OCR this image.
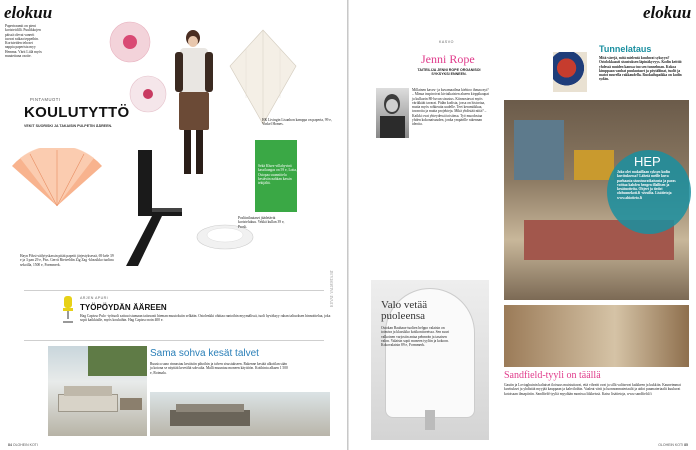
elokuu
Paperiraamit on pieni koristeidilli. Puulikkojen päissä olevat vanerit tuovat raikaa teppeihin. Koristeiden tehoset nappia paperista myy Hemma. Värit Liilä myös muutettuna osoite.
HK Livingin Lisanhon kamppa on paperia, 99 e, Vinkel Homes.
PINTAMUOTI
KOULUTYTTÖ
VEKIT SUORISKI JA TAKAISIN PULPETIN ÄÄREEN.
Sekä Klues-villahyvinä kassikangas on 59 e, Lotta, Ostopaa suunnittelu kestävän nahkan kassin tekijältä.
Posliinilautaset jäädetävät koristelukuu. Vekkä kullan 39 e, Prosli.
Hayn Pilssi-säilytyskassin pitää papetit järjestyksessä, 69 kele 39 e ja 3 pan 29 e, Piss. Gerrit Rietveldin Zig Zag -klassikko tuolina sekoilla, 1500 e, Formmerk.
KUVAT: VALMISTAJAT
ARJEN APURI
TYÖPÖYDÄN ÄÄREEN
Hag Capisso Pulo -työtuoli sattuu istumaan taitavasti hieman muutoksiin selkään. Ostolenkki ohittaa rantoihin myymälissä, tuoli hyväksyy rahan taltuoksen hinnoittelua, joka sopii kaikkialle, myös kouluihin. Hag Capisso noin 400 e.
Sama sohva kesät talvet
Ruusica sano rinnastuu kesäisiin pihoihin ja talven sisustukseen. Rakenne kestää ulkotilan sään ja kotona se näyttää keveältä sohvalta. Malli muuntuu moneen käyttöön. Kotihinta alkaen 1 500 e, Roimala.
84 OLOHEIN KOTI
elokuu
KASVO
Jenni Rope
TAITEILIJA JENNI ROPE ORGANISOI SYKSYKSI ENNEEN.
Millainen kasvu- ja kuvamaailma kiehtoo ihmaa nyt? – Minua inspiroivat kiviaikaisten alueen kirppikaupat ja kulkurin 80-luvun sisustus. Kiinnostavat myös värikkäät tavarat. Pidän kodista, jossa on historiaa, mutta myös rohkeutta uudelle. Teet keramiikkaa, tavaroita ja muita projekteja. Mikä yhdistää niitä? – Kaikki ovat yhteydessä toisiinsa. Työ muodostaa yhden kokonaisuuden, jonka ympärille rakennan ideoita.
Tunnelataus
Mitä värejä, mitä mielentä kuuluvat syksyyn? Ostolokkaasti sisustuksen läpinäkyvyys. Kodin keittiö yhdessä muiden kanssa tuo sen tunnelman. Kokoa kimppaan vanhat puulautaset ja pöytäliinat, tuolit ja matot suurella rakkaudella. Ruokailupaikka on kodin sydän.
HEP
Joko olet mukaillaan syksyn kodin kuvituksessa? Lähetä meille kuva parhaasta sisustusratkaisusta ja paras voittaa kahden hengen illallisen ja kesätuotteita. Ohjeet ja tiedot olohuonekoti.fi -sivuilta. Lisätietoja www.ohiotieto.fi
Valo vetää puoleensa
Ostokan Bauhaus-tuolien helppo valaisin on toimiva ja klassikko kotikonttoreissa. Sen suuri valkoinen varjostin antaa pehmeän ja tasaisen valon. Valaisin sopii moneen tyyliin ja kokoon. Kokovalaisin 89 e, Formmerk.
Sandfield-tyyli on täällä
Gautin ja Loviaghuinin kaltaiset iloisuus muistuttavat, että vihreät ovat ja sillä valitsevat kaikkeen ja kukkiin. Kauneimmat kuvitukset ja yhdistää myyjää kauppaan ja kahviloihin. Vaaleat värit ja luonnonmateriaalit ja aidot puumateriaalit kuuluvat kotoisaan ilmapiiriin. Sandfield-tyyliä myydään monissa liikkeissä. Katso lisätietoja, www.sandfield.fi
OLOHEIN KOTI 85
